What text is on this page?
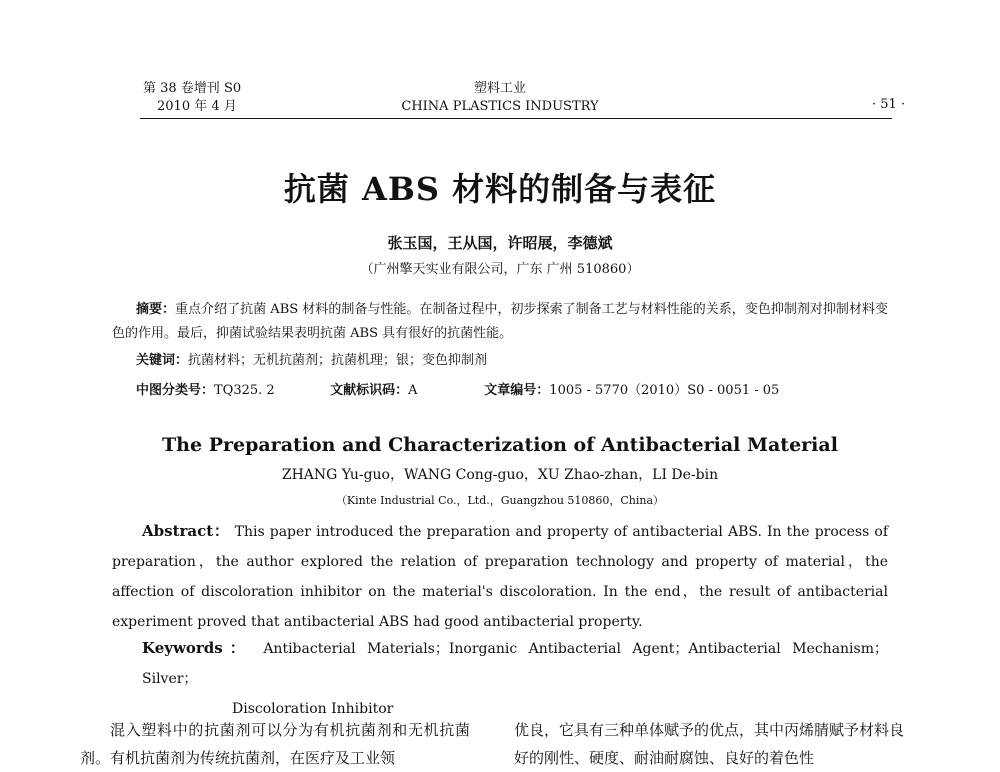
第 38 卷增刊 S0
2010 年 4 月
塑料工业
CHINA PLASTICS INDUSTRY	· 51 ·
抗菌 ABS 材料的制备与表征
张玉国，王从国，许昭展，李德斌
（广州擎天实业有限公司，广东 广州 510860）
摘要：重点介绍了抗菌 ABS 材料的制备与性能。在制备过程中，初步探索了制备工艺与材料性能的关系，变色抑制剂对抑制材料变色的作用。最后，抑菌试验结果表明抗菌 ABS 具有很好的抗菌性能。
关键词：抗菌材料；无机抗菌剂；抗菌机理；银；变色抑制剂
中图分类号：TQ325. 2	文献标识码：A	文章编号：1005 - 5770（2010）S0 - 0051 - 05
The Preparation and Characterization of Antibacterial Material
ZHANG Yu-guo，WANG Cong-guo，XU Zhao-zhan，LI De-bin
（Kinte Industrial Co.，Ltd.，Guangzhou 510860，China）
Abstract： This paper introduced the preparation and property of antibacterial ABS. In the process of preparation，the author explored the relation of preparation technology and property of material，the affection of discoloration inhibitor on the material's discoloration. In the end，the result of antibacterial experiment proved that antibacterial ABS had good antibacterial property.
Keywords： Antibacterial Materials；Inorganic Antibacterial Agent；Antibacterial Mechanism；Silver；
Discoloration Inhibitor
混入塑料中的抗菌剂可以分为有机抗菌剂和无机抗菌剂。有机抗菌剂为传统抗菌剂，在医疗及工业领
优良，它具有三种单体赋予的优点，其中丙烯腈赋予材料良好的刚性、硬度、耐油耐腐蚀、良好的着色性
